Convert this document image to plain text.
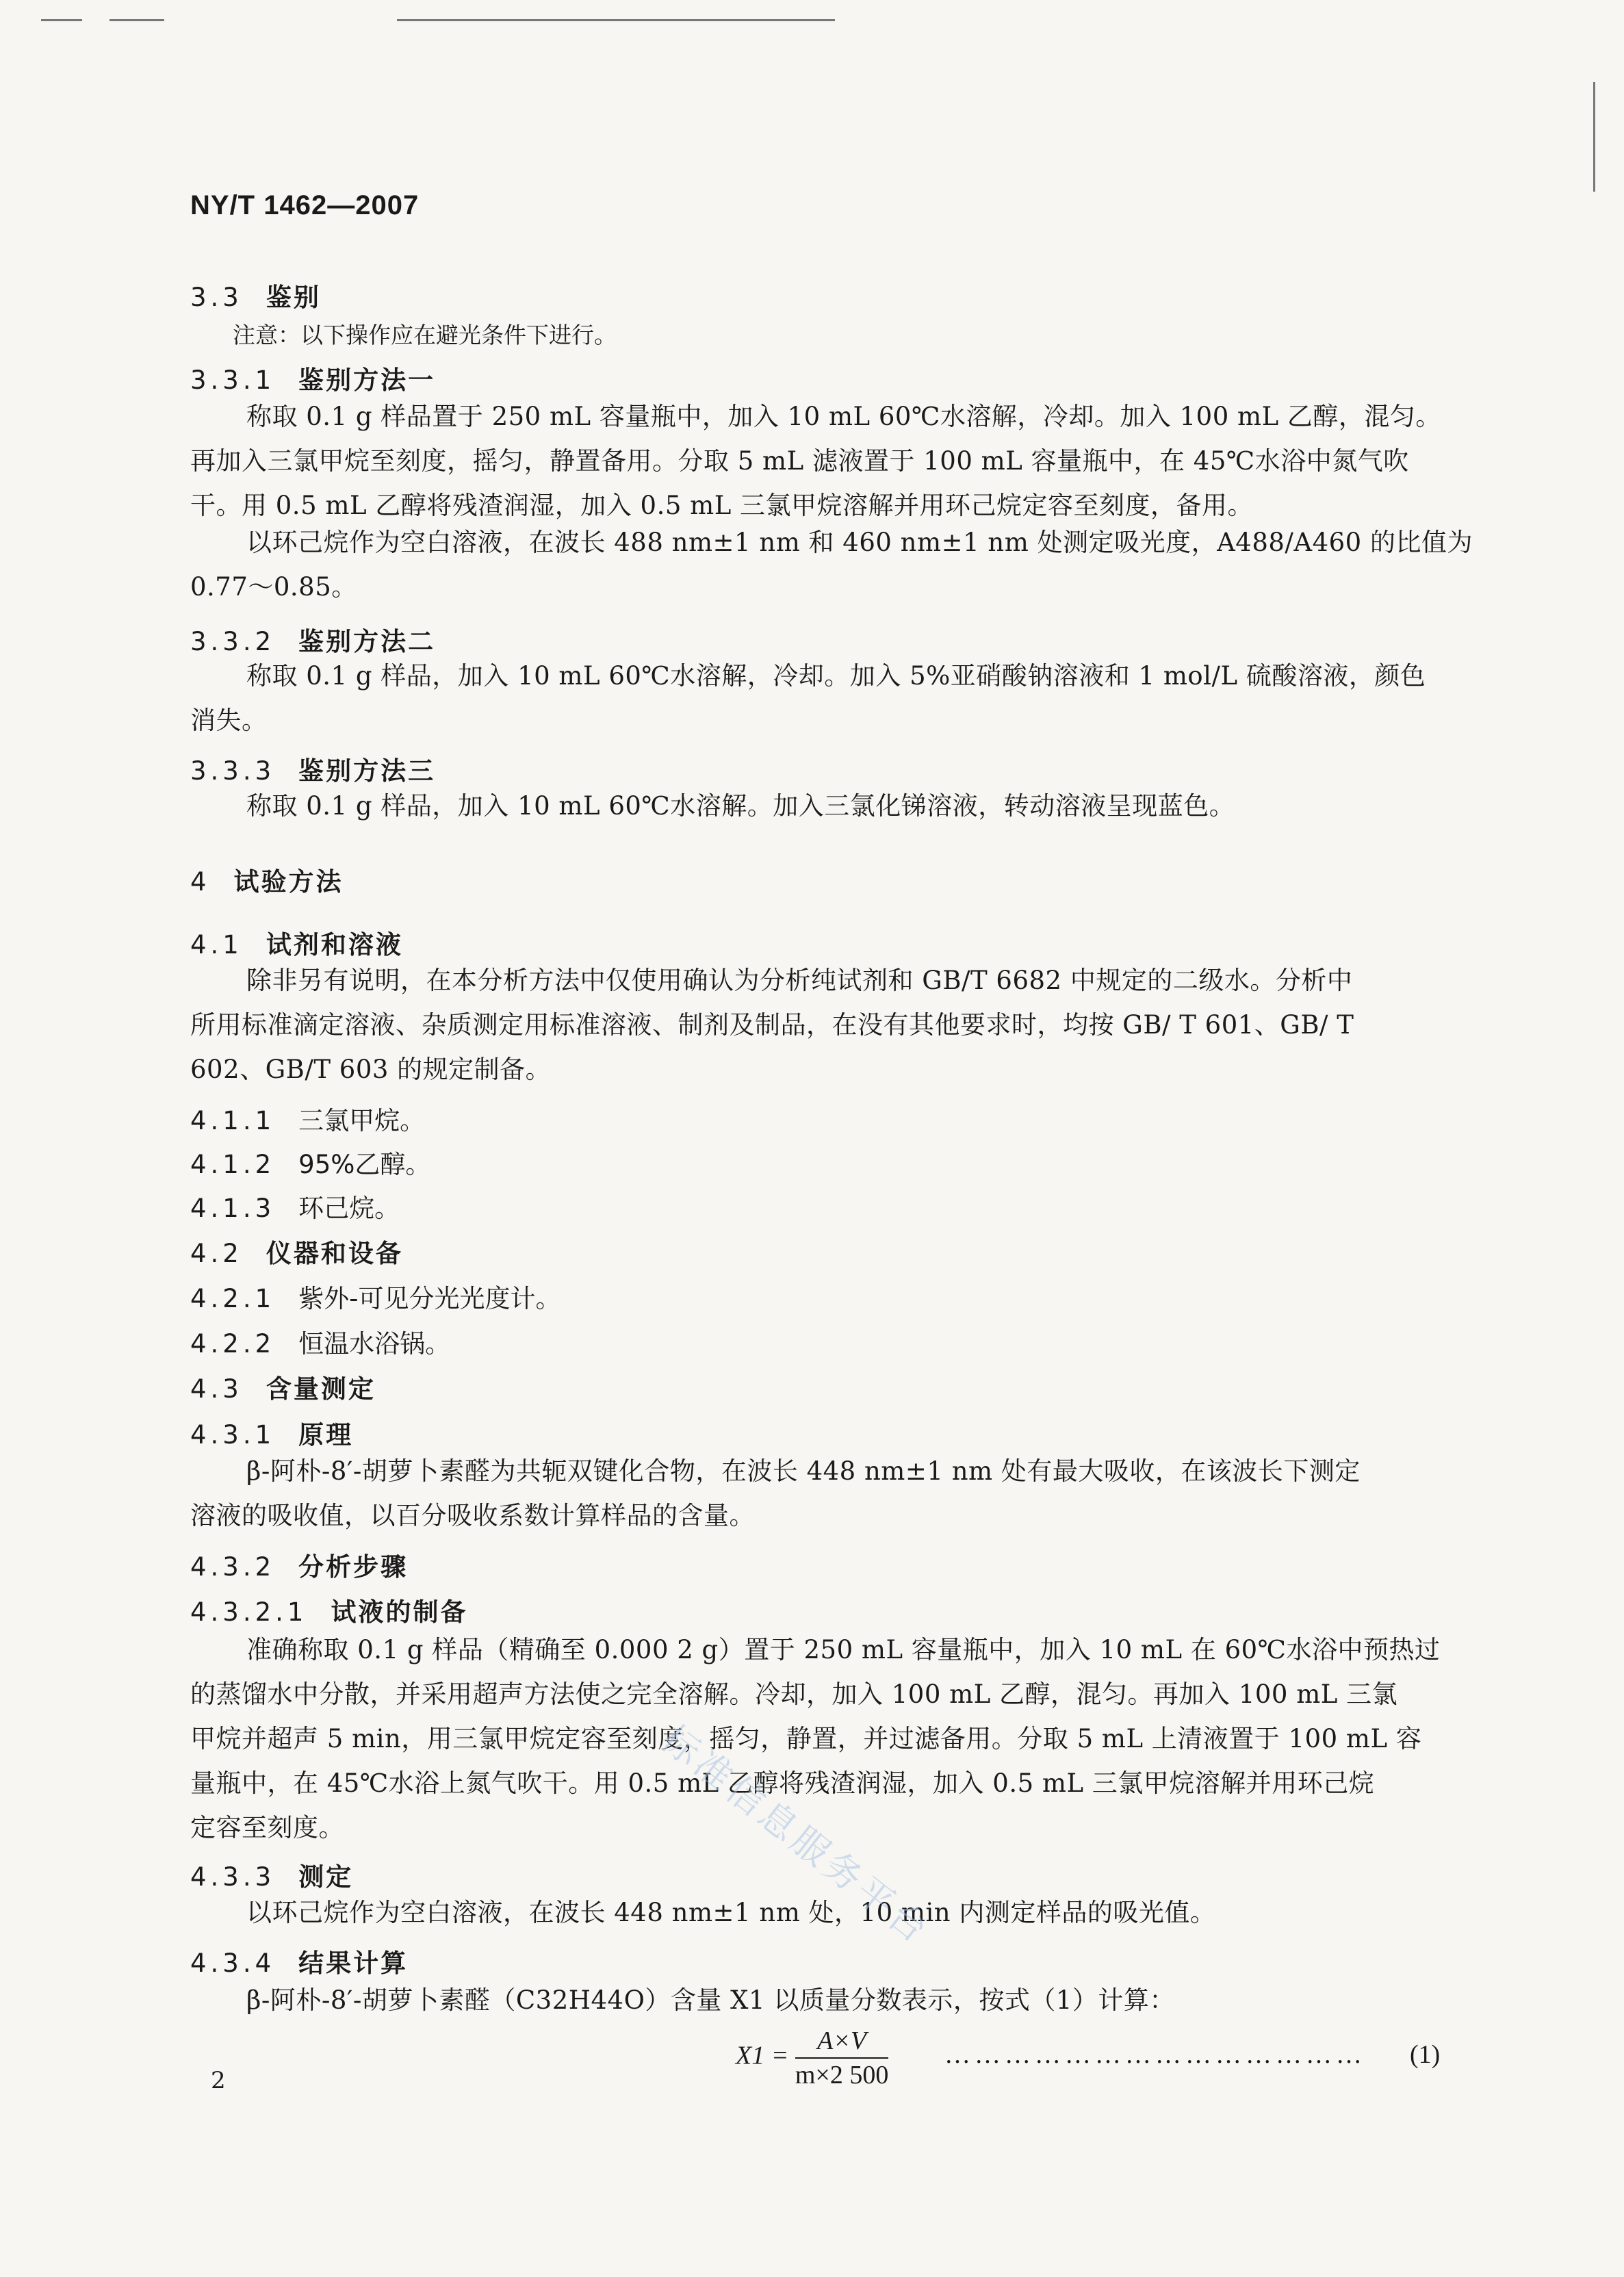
NY/T 1462—2007
3.3 鉴别
注意：以下操作应在避光条件下进行。
3.3.1 鉴别方法一
称取 0.1 g 样品置于 250 mL 容量瓶中，加入 10 mL 60℃水溶解，冷却。加入 100 mL 乙醇，混匀。
再加入三氯甲烷至刻度，摇匀，静置备用。分取 5 mL 滤液置于 100 mL 容量瓶中，在 45℃水浴中氮气吹
干。用 0.5 mL 乙醇将残渣润湿，加入 0.5 mL 三氯甲烷溶解并用环己烷定容至刻度，备用。
以环己烷作为空白溶液，在波长 488 nm±1 nm 和 460 nm±1 nm 处测定吸光度，A488/A460 的比值为
0.77～0.85。
3.3.2 鉴别方法二
称取 0.1 g 样品，加入 10 mL 60℃水溶解，冷却。加入 5%亚硝酸钠溶液和 1 mol/L 硫酸溶液，颜色
消失。
3.3.3 鉴别方法三
称取 0.1 g 样品，加入 10 mL 60℃水溶解。加入三氯化锑溶液，转动溶液呈现蓝色。
4 试验方法
4.1 试剂和溶液
除非另有说明，在本分析方法中仅使用确认为分析纯试剂和 GB/T 6682 中规定的二级水。分析中
所用标准滴定溶液、杂质测定用标准溶液、制剂及制品，在没有其他要求时，均按 GB/ T 601、GB/ T
602、GB/T 603 的规定制备。
4.1.1 三氯甲烷。
4.1.2 95%乙醇。
4.1.3 环己烷。
4.2 仪器和设备
4.2.1 紫外-可见分光光度计。
4.2.2 恒温水浴锅。
4.3 含量测定
4.3.1 原理
β-阿朴-8′-胡萝卜素醛为共轭双键化合物，在波长 448 nm±1 nm 处有最大吸收，在该波长下测定
溶液的吸收值，以百分吸收系数计算样品的含量。
4.3.2 分析步骤
4.3.2.1 试液的制备
准确称取 0.1 g 样品（精确至 0.000 2 g）置于 250 mL 容量瓶中，加入 10 mL 在 60℃水浴中预热过
的蒸馏水中分散，并采用超声方法使之完全溶解。冷却，加入 100 mL 乙醇，混匀。再加入 100 mL 三氯
甲烷并超声 5 min，用三氯甲烷定容至刻度，摇匀，静置，并过滤备用。分取 5 mL 上清液置于 100 mL 容
量瓶中，在 45℃水浴上氮气吹干。用 0.5 mL 乙醇将残渣润湿，加入 0.5 mL 三氯甲烷溶解并用环己烷
定容至刻度。
4.3.3 测定
以环己烷作为空白溶液，在波长 448 nm±1 nm 处，10 min 内测定样品的吸光值。
4.3.4 结果计算
β-阿朴-8′-胡萝卜素醛（C32H44O）含量 X1 以质量分数表示，按式（1）计算：
$X1 = \frac{A\times V}{m\times 2 500}$ …………………………………… (1)
标准信息服务平台
2
